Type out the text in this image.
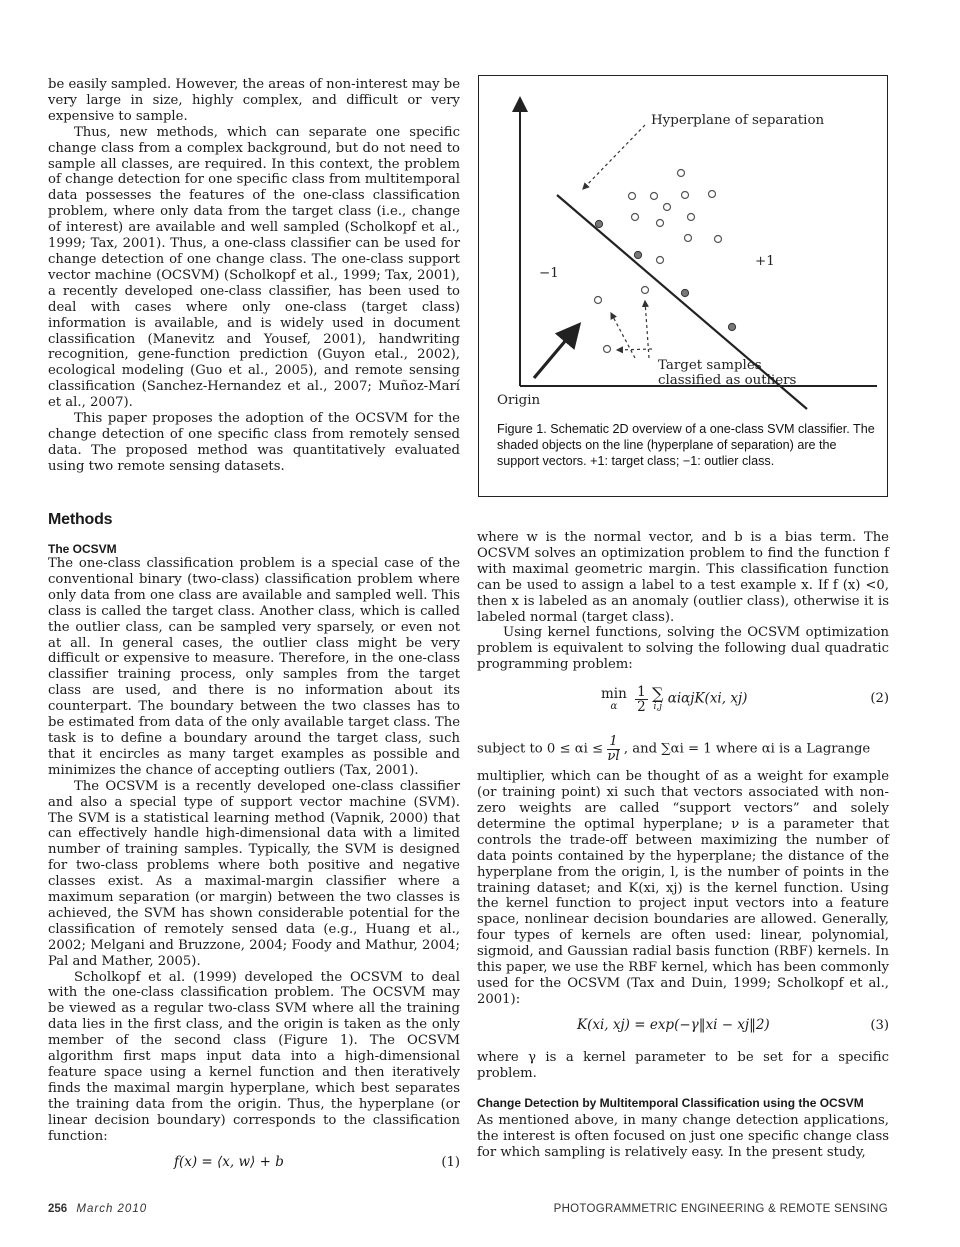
be easily sampled. However, the areas of non-interest may be very large in size, highly complex, and difficult or very expensive to sample.

Thus, new methods, which can separate one specific change class from a complex background, but do not need to sample all classes, are required. In this context, the problem of change detection for one specific class from multitemporal data possesses the features of the one-class classification problem, where only data from the target class (i.e., change of interest) are available and well sampled (Scholkopf et al., 1999; Tax, 2001). Thus, a one-class classifier can be used for change detection of one change class. The one-class support vector machine (OCSVM) (Scholkopf et al., 1999; Tax, 2001), a recently developed one-class classifier, has been used to deal with cases where only one-class (target class) information is available, and is widely used in document classification (Manevitz and Yousef, 2001), handwriting recognition, gene-function prediction (Guyon etal., 2002), ecological modeling (Guo et al., 2005), and remote sensing classification (Sanchez-Hernandez et al., 2007; Muñoz-Marí et al., 2007).

This paper proposes the adoption of the OCSVM for the change detection of one specific class from remotely sensed data. The proposed method was quantitatively evaluated using two remote sensing datasets.

Hyperplane of separation
+1
−1
w
Target samples
classified as outliers
Origin
Figure 1. Schematic 2D overview of a one-class SVM classifier. The shaded objects on the line (hyperplane of separation) are the support vectors. +1: target class; −1: outlier class.
Methods
The OCSVM

The one-class classification problem is a special case of the conventional binary (two-class) classification problem where only data from one class are available and sampled well. This class is called the target class. Another class, which is called the outlier class, can be sampled very sparsely, or even not at all. In general cases, the outlier class might be very difficult or expensive to measure. Therefore, in the one-class classifier training process, only samples from the target class are used, and there is no information about its counterpart. The boundary between the two classes has to be estimated from data of the only available target class. The task is to define a boundary around the target class, such that it encircles as many target examples as possible and minimizes the chance of accepting outliers (Tax, 2001).

The OCSVM is a recently developed one-class classifier and also a special type of support vector machine (SVM). The SVM is a statistical learning method (Vapnik, 2000) that can effectively handle high-dimensional data with a limited number of training samples. Typically, the SVM is designed for two-class problems where both positive and negative classes exist. As a maximal-margin classifier where a maximum separation (or margin) between the two classes is achieved, the SVM has shown considerable potential for the classification of remotely sensed data (e.g., Huang et al., 2002; Melgani and Bruzzone, 2004; Foody and Mathur, 2004; Pal and Mather, 2005).

Scholkopf et al. (1999) developed the OCSVM to deal with the one-class classification problem. The OCSVM may be viewed as a regular two-class SVM where all the training data lies in the first class, and the origin is taken as the only member of the second class (Figure 1). The OCSVM algorithm first maps input data into a high-dimensional feature space using a kernel function and then iteratively finds the maximal margin hyperplane, which best separates the training data from the origin. Thus, the hyperplane (or linear decision boundary) corresponds to the classification function:

f(x) = ⟨x, w⟩ + b	(1)

where w is the normal vector, and b is a bias term. The OCSVM solves an optimization problem to find the function f with maximal geometric margin. This classification function can be used to assign a label to a test example x. If f (x) <0, then x is labeled as an anomaly (outlier class), otherwise it is labeled normal (target class).

Using kernel functions, solving the OCSVM optimization problem is equivalent to solving the following dual quadratic programming problem:

min
α
	$\frac{1}{2}$
∑
i,j
αiαjK(xi, xj)	(2)
subject to $0 \le \alpha i \le \frac{1}{\nu l}$ , and ∑αi = 1 where αi is a Lagrange

multiplier, which can be thought of as a weight for example (or training point) xi such that vectors associated with non-zero weights are called “support vectors” and solely determine the optimal hyperplane; ν is a parameter that controls the trade-off between maximizing the number of data points contained by the hyperplane; the distance of the hyperplane from the origin, l, is the number of points in the training dataset; and K(xi, xj) is the kernel function. Using the kernel function to project input vectors into a feature space, nonlinear decision boundaries are allowed. Generally, four types of kernels are often used: linear, polynomial, sigmoid, and Gaussian radial basis function (RBF) kernels. In this paper, we use the RBF kernel, which has been commonly used for the OCSVM (Tax and Duin, 1999; Scholkopf et al., 2001):

K(xi, xj) = exp(−γ‖xi − xj‖2)	(3)

where γ is a kernel parameter to be set for a specific problem.

Change Detection by Multitemporal Classification using the OCSVM

As mentioned above, in many change detection applications, the interest is often focused on just one specific change class for which sampling is relatively easy. In the present study,

256 March 2010	PHOTOGRAMMETRIC ENGINEERING & REMOTE SENSING
